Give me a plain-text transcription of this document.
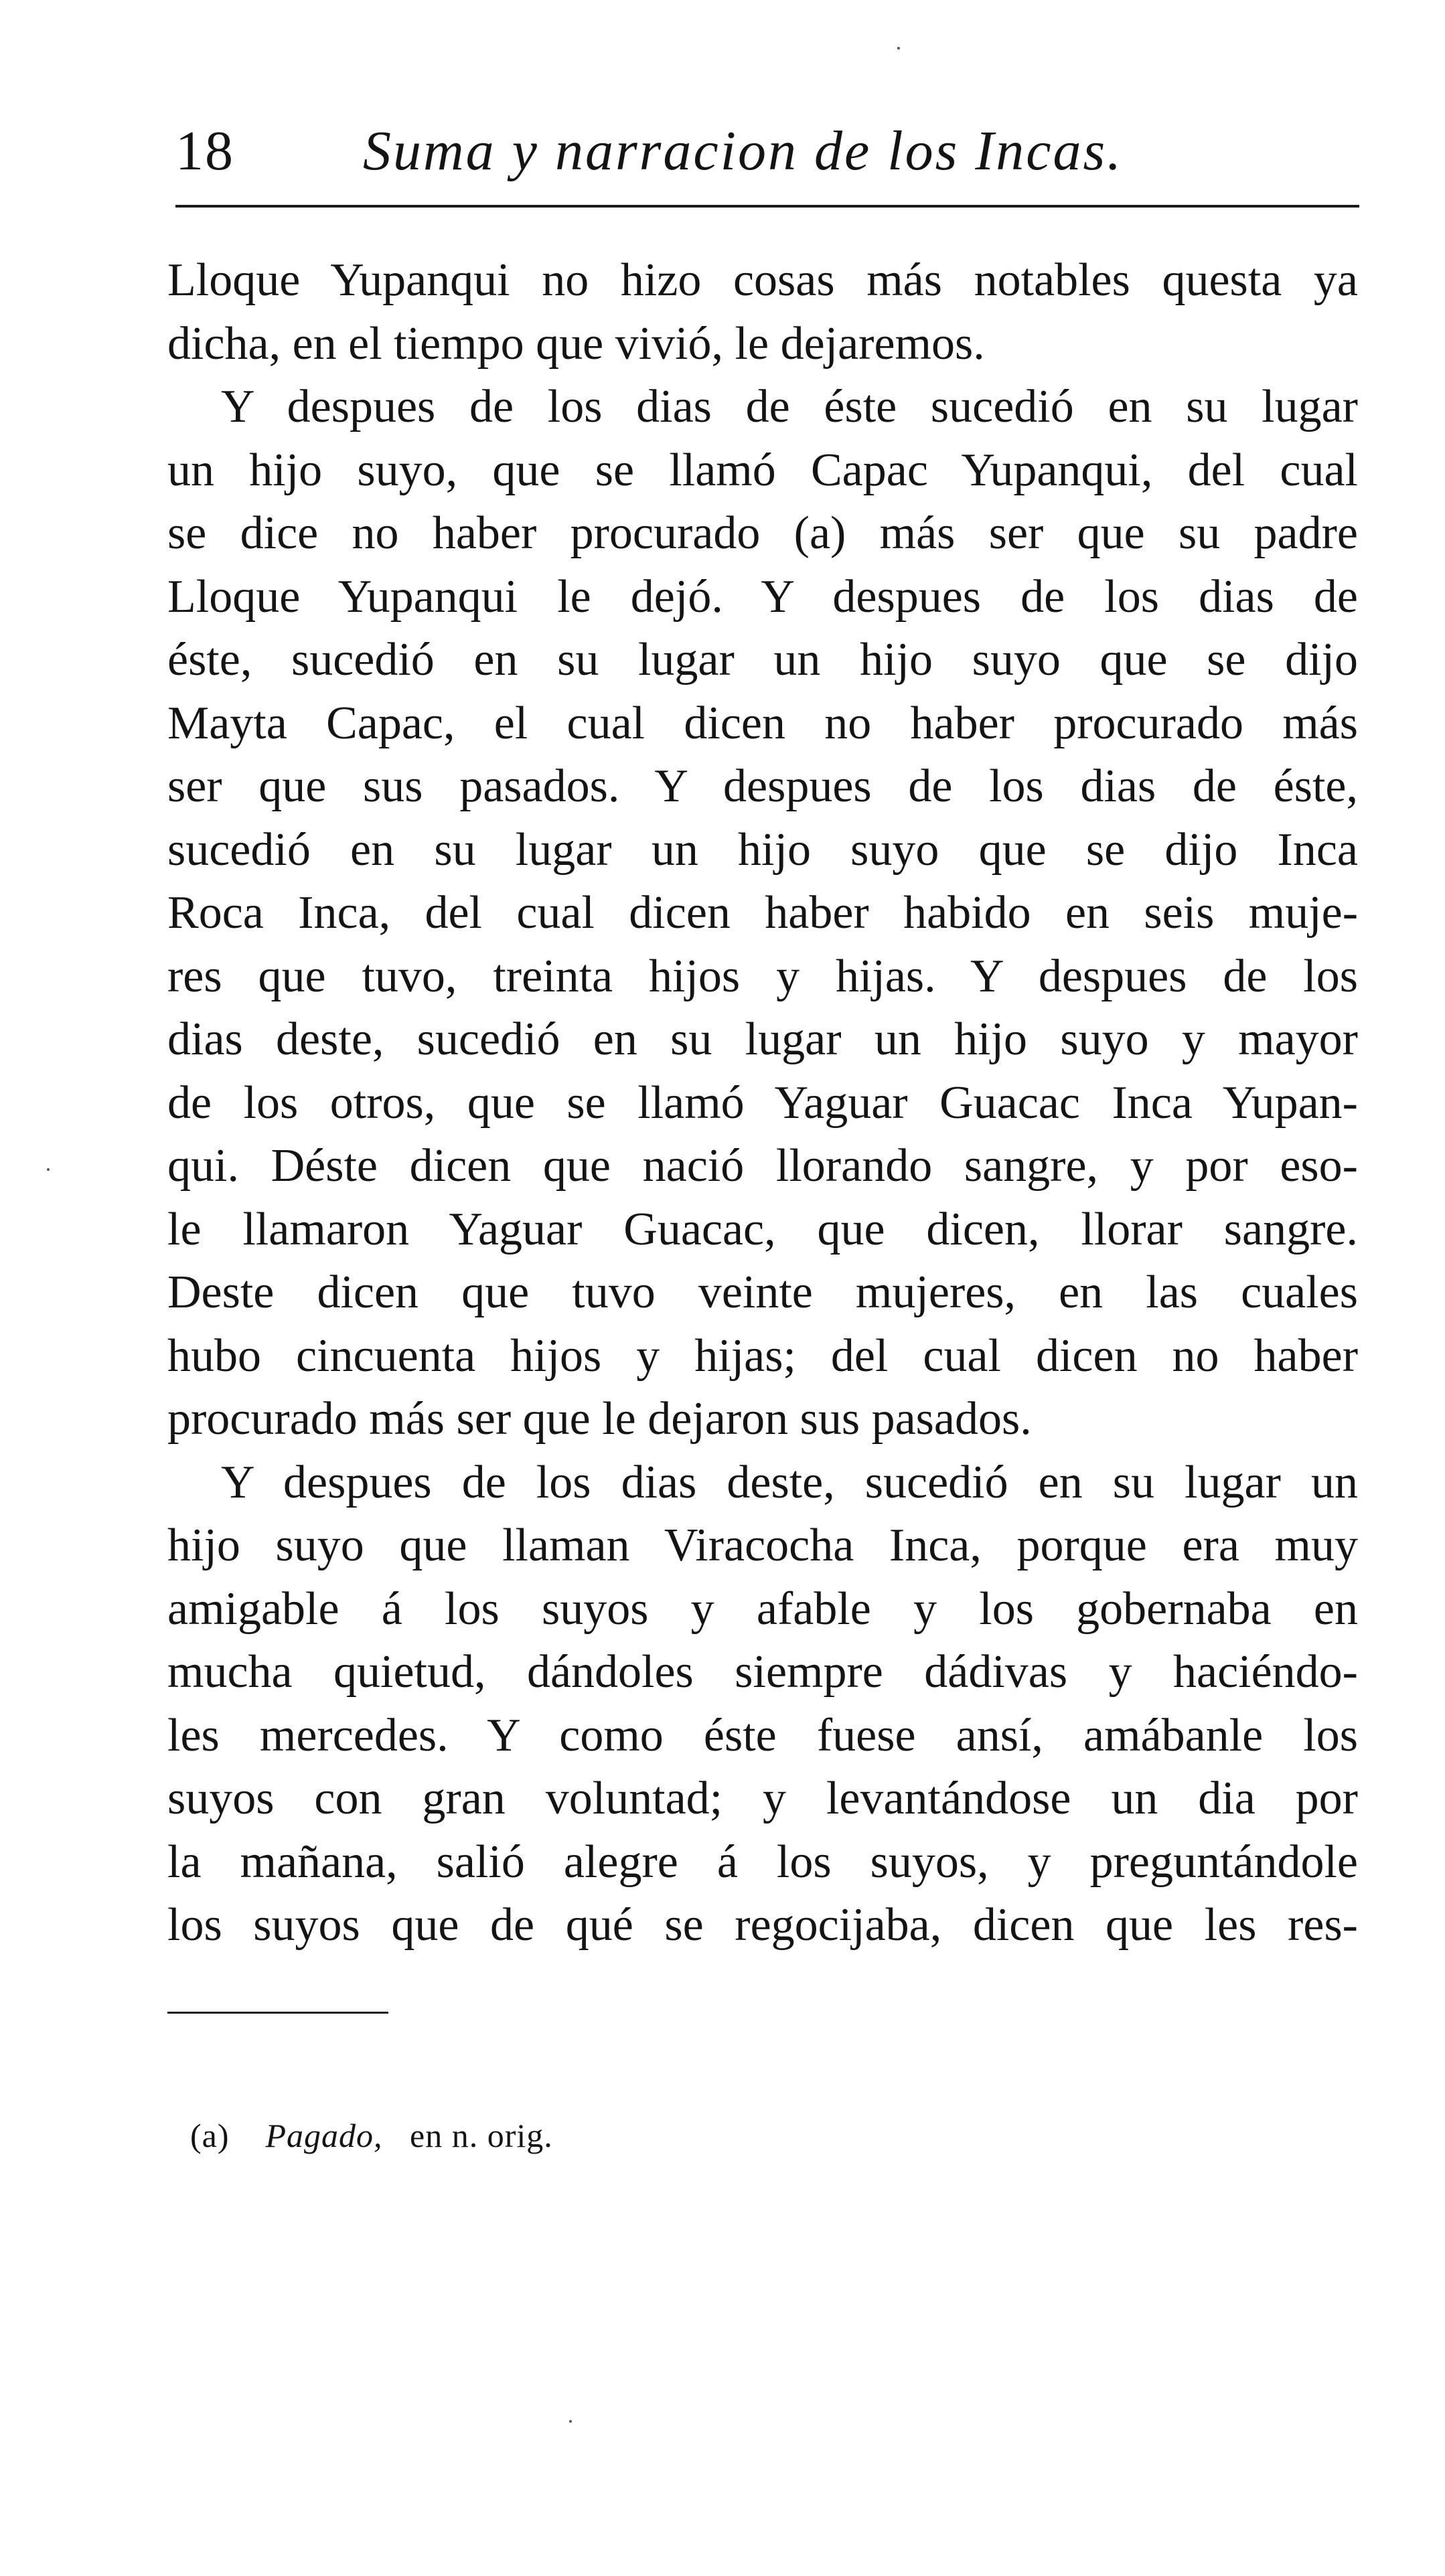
18 Suma y narracion de los Incas.
Lloque Yupanqui no hizo cosas más notables questa ya
dicha, en el tiempo que vivió, le dejaremos.
Y despues de los dias de éste sucedió en su lugar
un hijo suyo, que se llamó Capac Yupanqui, del cual
se dice no haber procurado (a) más ser que su padre
Lloque Yupanqui le dejó. Y despues de los dias de
éste, sucedió en su lugar un hijo suyo que se dijo
Mayta Capac, el cual dicen no haber procurado más
ser que sus pasados. Y despues de los dias de éste,
sucedió en su lugar un hijo suyo que se dijo Inca
Roca Inca, del cual dicen haber habido en seis muje-
res que tuvo, treinta hijos y hijas. Y despues de los
dias deste, sucedió en su lugar un hijo suyo y mayor
de los otros, que se llamó Yaguar Guacac Inca Yupan-
qui. Déste dicen que nació llorando sangre, y por eso-
le llamaron Yaguar Guacac, que dicen, llorar sangre.
Deste dicen que tuvo veinte mujeres, en las cuales
hubo cincuenta hijos y hijas; del cual dicen no haber
procurado más ser que le dejaron sus pasados.
Y despues de los dias deste, sucedió en su lugar un
hijo suyo que llaman Viracocha Inca, porque era muy
amigable á los suyos y afable y los gobernaba en
mucha quietud, dándoles siempre dádivas y haciéndo-
les mercedes. Y como éste fuese ansí, amábanle los
suyos con gran voluntad; y levantándose un dia por
la mañana, salió alegre á los suyos, y preguntándole
los suyos que de qué se regocijaba, dicen que les res-
(a) Pagado, en n. orig.
